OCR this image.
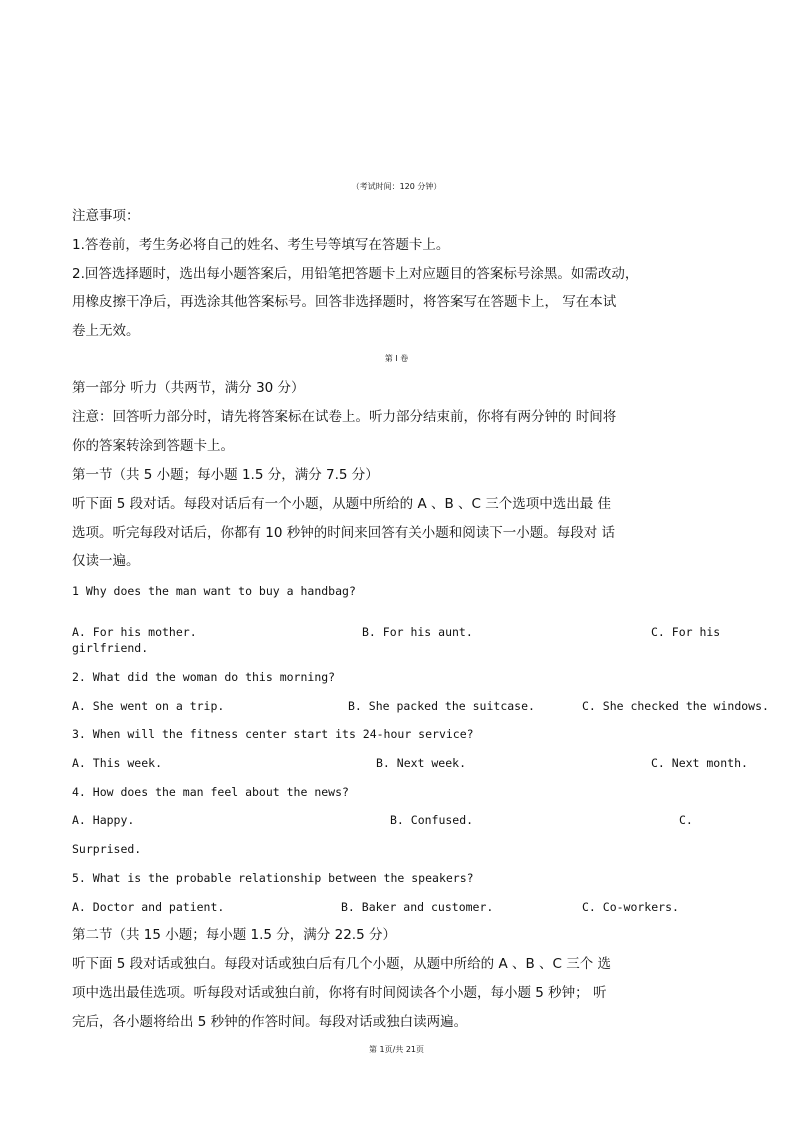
（考试时间：120 分钟）
注意事项：
1.答卷前，考生务必将自己的姓名、考生号等填写在答题卡上。
2.回答选择题时，选出每小题答案后，用铅笔把答题卡上对应题目的答案标号涂黑。如需改动，
用橡皮擦干净后，再选涂其他答案标号。回答非选择题时，将答案写在答题卡上， 写在本试
卷上无效。
第 I 卷
第一部分 听力（共两节，满分 30 分）
注意：回答听力部分时，请先将答案标在试卷上。听力部分结束前，你将有两分钟的 时间将
你的答案转涂到答题卡上。
第一节（共 5 小题；每小题 1.5 分，满分 7.5 分）
听下面 5 段对话。每段对话后有一个小题，从题中所给的 A 、B 、C 三个选项中选出最 佳
选项。听完每段对话后，你都有 10 秒钟的时间来回答有关小题和阅读下一小题。每段对 话
仅读一遍。
1 Why does the man want to buy a handbag?
A. For his mother.	B. For his aunt.	C. For his
girlfriend.
2. What did the woman do this morning?
A. She went on a trip.	B. She packed the suitcase.	C. She checked the windows.
3. When will the fitness center start its 24-hour service?
A. This week.	B. Next week.	C. Next month.
4. How does the man feel about the news?
A. Happy.	B. Confused.	C.
Surprised.
5. What is the probable relationship between the speakers?
A. Doctor and patient.	B. Baker and customer.	C. Co-workers.
第二节（共 15 小题；每小题 1.5 分，满分 22.5 分）
听下面 5 段对话或独白。每段对话或独白后有几个小题，从题中所给的 A 、B 、C 三个 选
项中选出最佳选项。听每段对话或独白前，你将有时间阅读各个小题，每小题 5 秒钟； 听
完后，各小题将给出 5 秒钟的作答时间。每段对话或独白读两遍。
第 1页/共 21页
